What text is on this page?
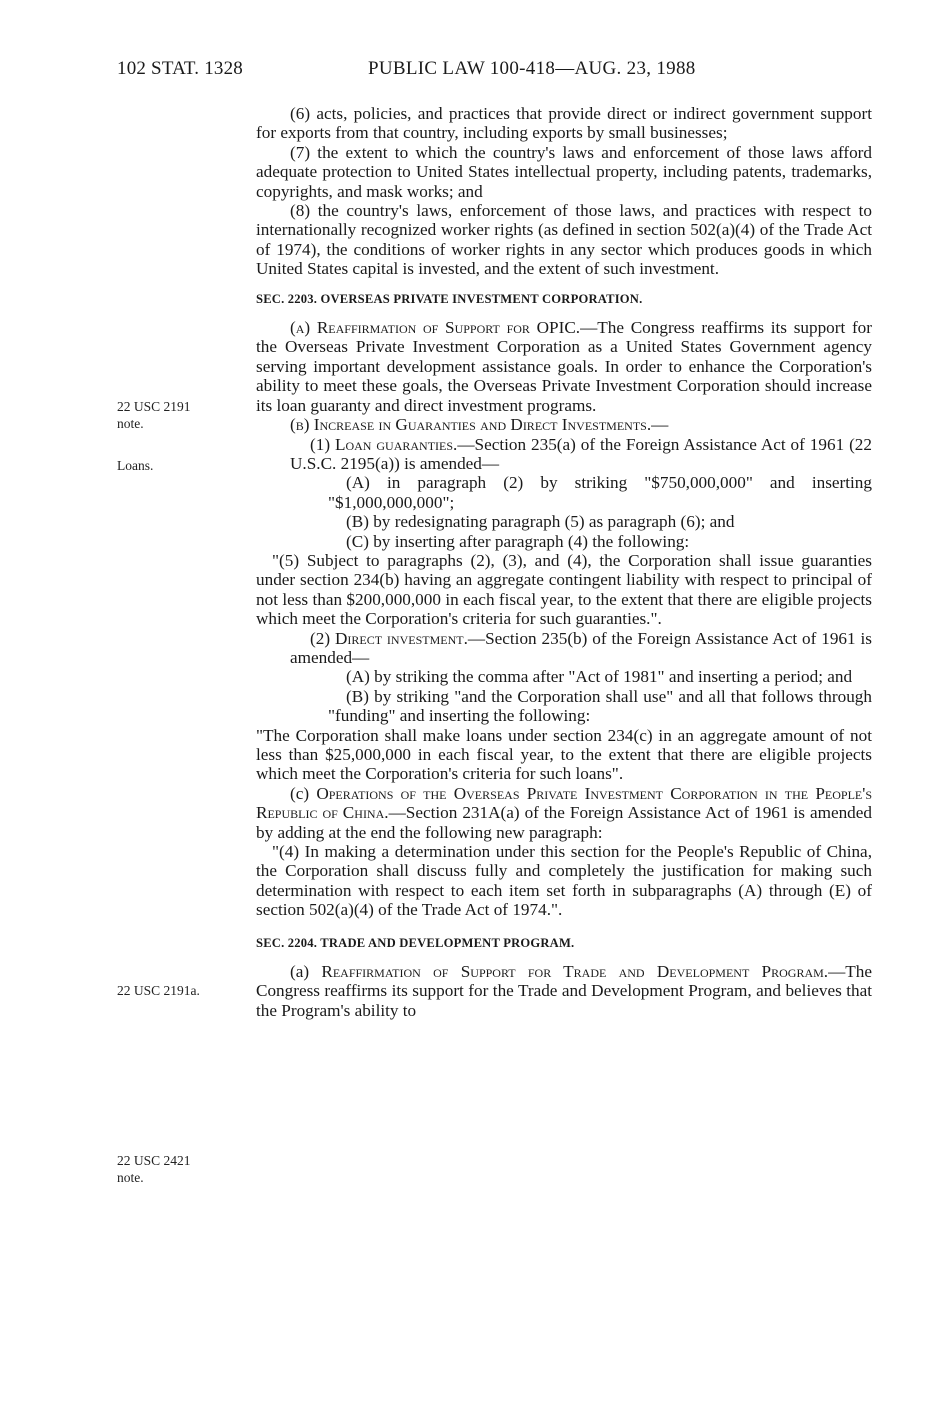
102 STAT. 1328	PUBLIC LAW 100-418—AUG. 23, 1988
22 USC 2191
note.
Loans.
22 USC 2191a.
22 USC 2421
note.

(6) acts, policies, and practices that provide direct or indirect government support for exports from that country, including exports by small businesses;

(7) the extent to which the country's laws and enforcement of those laws afford adequate protection to United States intellectual property, including patents, trademarks, copyrights, and mask works; and

(8) the country's laws, enforcement of those laws, and practices with respect to internationally recognized worker rights (as defined in section 502(a)(4) of the Trade Act of 1974), the conditions of worker rights in any sector which produces goods in which United States capital is invested, and the extent of such investment.

SEC. 2203. OVERSEAS PRIVATE INVESTMENT CORPORATION.

(a) Reaffirmation of Support for OPIC.—The Congress reaffirms its support for the Overseas Private Investment Corporation as a United States Government agency serving important development assistance goals. In order to enhance the Corporation's ability to meet these goals, the Overseas Private Investment Corporation should increase its loan guaranty and direct investment programs.

(b) Increase in Guaranties and Direct Investments.—

(1) Loan guaranties.—Section 235(a) of the Foreign Assistance Act of 1961 (22 U.S.C. 2195(a)) is amended—

(A) in paragraph (2) by striking "$750,000,000" and inserting "$1,000,000,000";

(B) by redesignating paragraph (5) as paragraph (6); and

(C) by inserting after paragraph (4) the following:

"(5) Subject to paragraphs (2), (3), and (4), the Corporation shall issue guaranties under section 234(b) having an aggregate contingent liability with respect to principal of not less than $200,000,000 in each fiscal year, to the extent that there are eligible projects which meet the Corporation's criteria for such guaranties.".

(2) Direct investment.—Section 235(b) of the Foreign Assistance Act of 1961 is amended—

(A) by striking the comma after "Act of 1981" and inserting a period; and

(B) by striking "and the Corporation shall use" and all that follows through "funding" and inserting the following:

"The Corporation shall make loans under section 234(c) in an aggregate amount of not less than $25,000,000 in each fiscal year, to the extent that there are eligible projects which meet the Corporation's criteria for such loans".

(c) Operations of the Overseas Private Investment Corporation in the People's Republic of China.—Section 231A(a) of the Foreign Assistance Act of 1961 is amended by adding at the end the following new paragraph:

"(4) In making a determination under this section for the People's Republic of China, the Corporation shall discuss fully and completely the justification for making such determination with respect to each item set forth in subparagraphs (A) through (E) of section 502(a)(4) of the Trade Act of 1974.".

SEC. 2204. TRADE AND DEVELOPMENT PROGRAM.

(a) Reaffirmation of Support for Trade and Development Program.—The Congress reaffirms its support for the Trade and Development Program, and believes that the Program's ability to
